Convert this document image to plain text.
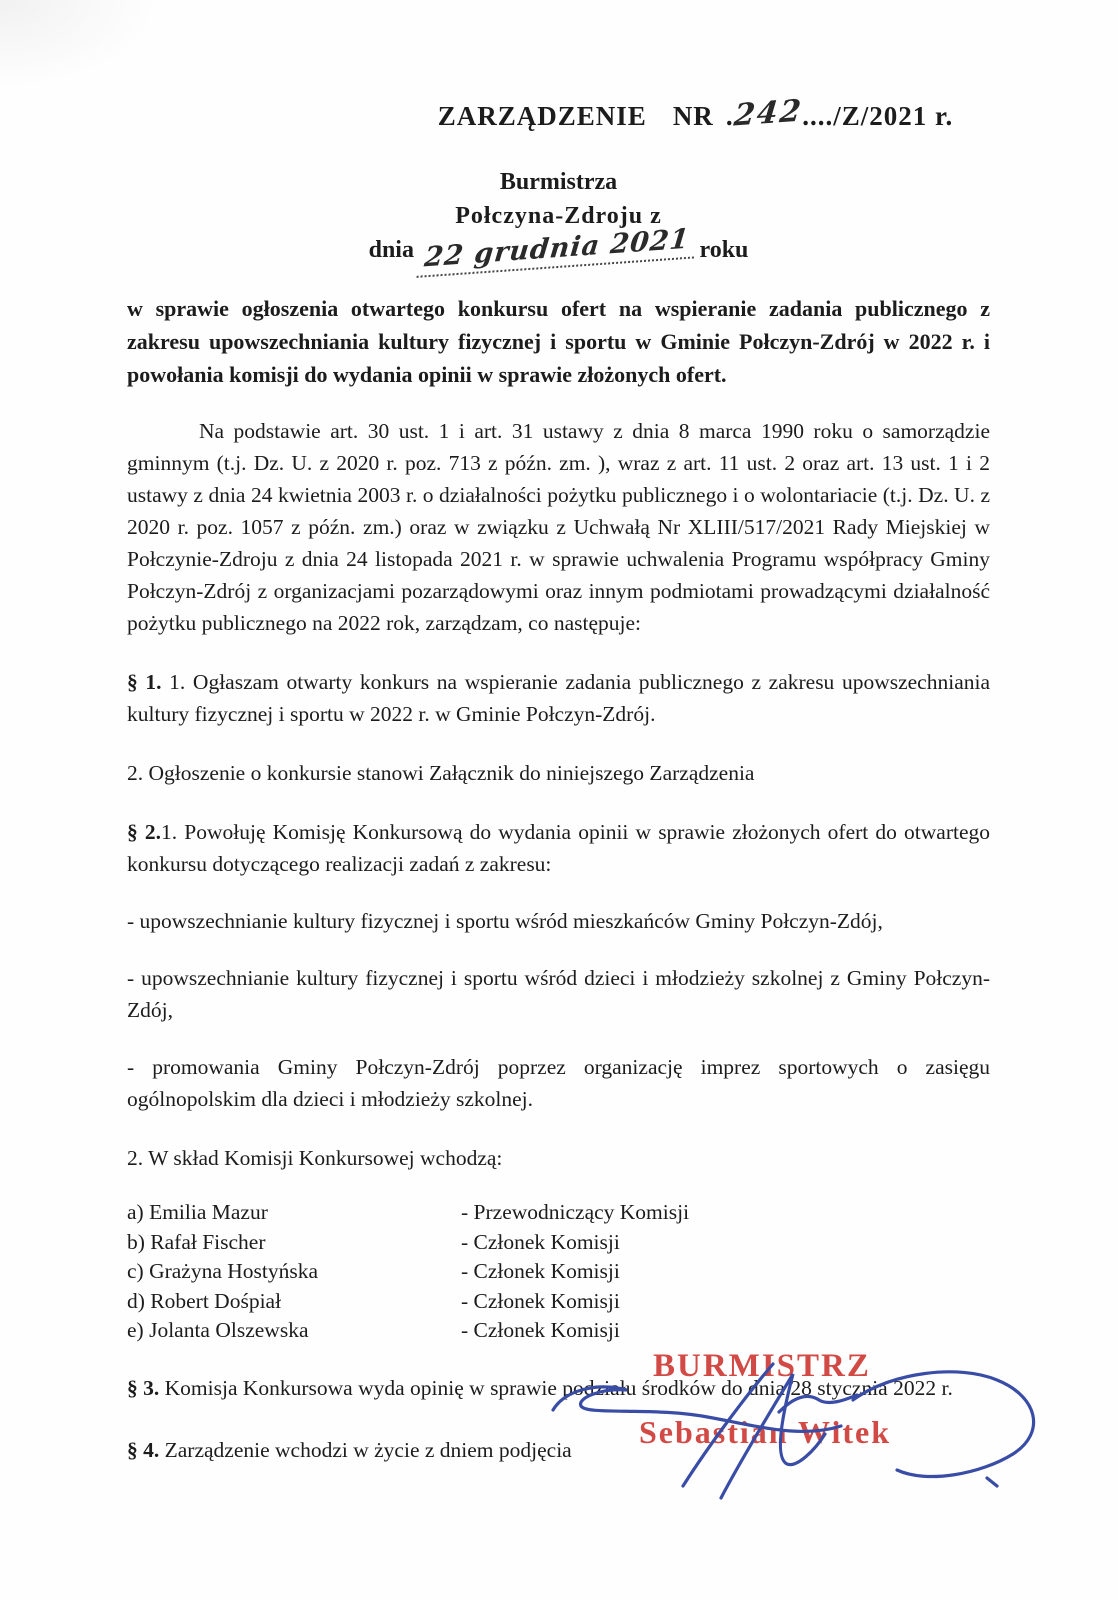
ZARZĄDZENIE NR .242..../Z/2021 r.
Burmistrza
Połczyna-Zdroju z
dnia 22 grudnia 2021 roku

w sprawie ogłoszenia otwartego konkursu ofert na wspieranie zadania publicznego z zakresu upowszechniania kultury fizycznej i sportu w Gminie Połczyn-Zdrój w 2022 r. i powołania komisji do wydania opinii w sprawie złożonych ofert.

Na podstawie art. 30 ust. 1 i art. 31 ustawy z dnia 8 marca 1990 roku o samorządzie gminnym (t.j. Dz. U. z 2020 r. poz. 713 z późn. zm. ), wraz z art. 11 ust. 2 oraz art. 13 ust. 1 i 2 ustawy z dnia 24 kwietnia 2003 r. o działalności pożytku publicznego i o wolontariacie (t.j. Dz. U. z 2020 r. poz. 1057 z późn. zm.) oraz w związku z Uchwałą Nr XLIII/517/2021 Rady Miejskiej w Połczynie-Zdroju z dnia 24 listopada 2021 r. w sprawie uchwalenia Programu współpracy Gminy Połczyn-Zdrój z organizacjami pozarządowymi oraz innym podmiotami prowadzącymi działalność pożytku publicznego na 2022 rok, zarządzam, co następuje:

§ 1. 1. Ogłaszam otwarty konkurs na wspieranie zadania publicznego z zakresu upowszechniania kultury fizycznej i sportu w 2022 r. w Gminie Połczyn-Zdrój.

2. Ogłoszenie o konkursie stanowi Załącznik do niniejszego Zarządzenia

§ 2.1. Powołuję Komisję Konkursową do wydania opinii w sprawie złożonych ofert do otwartego konkursu dotyczącego realizacji zadań z zakresu:

- upowszechnianie kultury fizycznej i sportu wśród mieszkańców Gminy Połczyn-Zdój,

- upowszechnianie kultury fizycznej i sportu wśród dzieci i młodzieży szkolnej z Gminy Połczyn-Zdój,

- promowania Gminy Połczyn-Zdrój poprzez organizację imprez sportowych o zasięgu ogólnopolskim dla dzieci i młodzieży szkolnej.

2. W skład Komisji Konkursowej wchodzą:

a) Emilia Mazur	- Przewodniczący Komisji
b) Rafał Fischer	- Członek Komisji
c) Grażyna Hostyńska	- Członek Komisji
d) Robert Dośpiał	- Członek Komisji
e) Jolanta Olszewska	- Członek Komisji

§ 3. Komisja Konkursowa wyda opinię w sprawie podziału środków do dnia 28 stycznia 2022 r.

§ 4. Zarządzenie wchodzi w życie z dniem podjęcia

BURMISTRZ
Sebastian Witek
